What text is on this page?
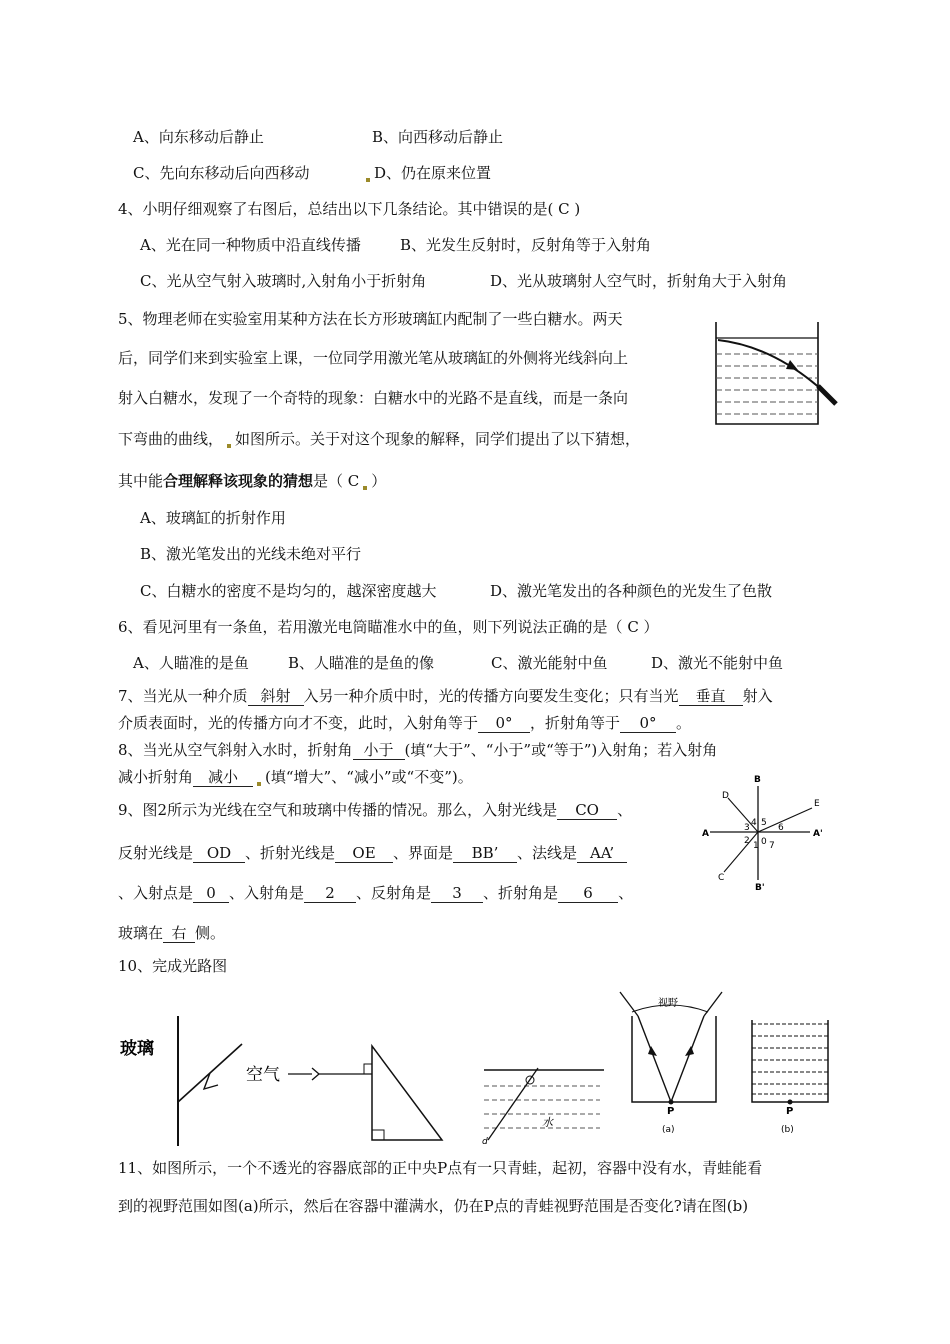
A、向东移动后静止	B、向西移动后静止
C、先向东移动后向西移动	D、仍在原来位置
4、小明仔细观察了右图后，总结出以下几条结论。其中错误的是( C )
A、光在同一种物质中沿直线传播	B、光发生反射时，反射角等于入射角
C、光从空气射入玻璃时,入射角小于折射角	D、光从玻璃射人空气时，折射角大于入射角
5、物理老师在实验室用某种方法在长方形玻璃缸内配制了一些白糖水。两天
后，同学们来到实验室上课，一位同学用激光笔从玻璃缸的外侧将光线斜向上
射入白糖水，发现了一个奇特的现象：白糖水中的光路不是直线，而是一条向
下弯曲的曲线， 如图所示。关于对这个现象的解释，同学们提出了以下猜想，
其中能合理解释该现象的猜想是（ C ）
A、玻璃缸的折射作用
B、激光笔发出的光线未绝对平行
C、白糖水的密度不是均匀的，越深密度越大	D、激光笔发出的各种颜色的光发生了色散
6、看见河里有一条鱼，若用激光电筒瞄准水中的鱼，则下列说法正确的是（ C ）
A、人瞄准的是鱼	B、人瞄准的是鱼的像	C、激光能射中鱼	D、激光不能射中鱼
7、当光从一种介质 斜射 入另一种介质中时，光的传播方向要发生变化；只有当光 垂直 射入
介质表面时，光的传播方向才不变，此时，入射角等于 0° ，折射角等于 0° 。
8、当光从空气斜射入水时，折射角 小于 (填“大于”、“小于”或“等于”)入射角；若入射角
减小折射角 减小 (填“增大”、“减小”或“不变”)。
9、图2所示为光线在空气和玻璃中传播的情况。那么，入射光线是 CO 、
反射光线是 OD 、折射光线是 OE 、界面是 BB’ 、法线是 AA’
、入射点是 0 、入射角是 2 、反射角是 3 、折射角是 6 、
玻璃在 右 侧。
B
A	A'
B'
D
E
C
3 4 5 6
2 1 0 7
10、完成光路图
玻璃
空气
水
d
视野
P
(a)
P
(b)
11、如图所示，一个不透光的容器底部的正中央P点有一只青蛙，起初，容器中没有水，青蛙能看
到的视野范围如图(a)所示，然后在容器中灌满水，仍在P点的青蛙视野范围是否变化?请在图(b)
